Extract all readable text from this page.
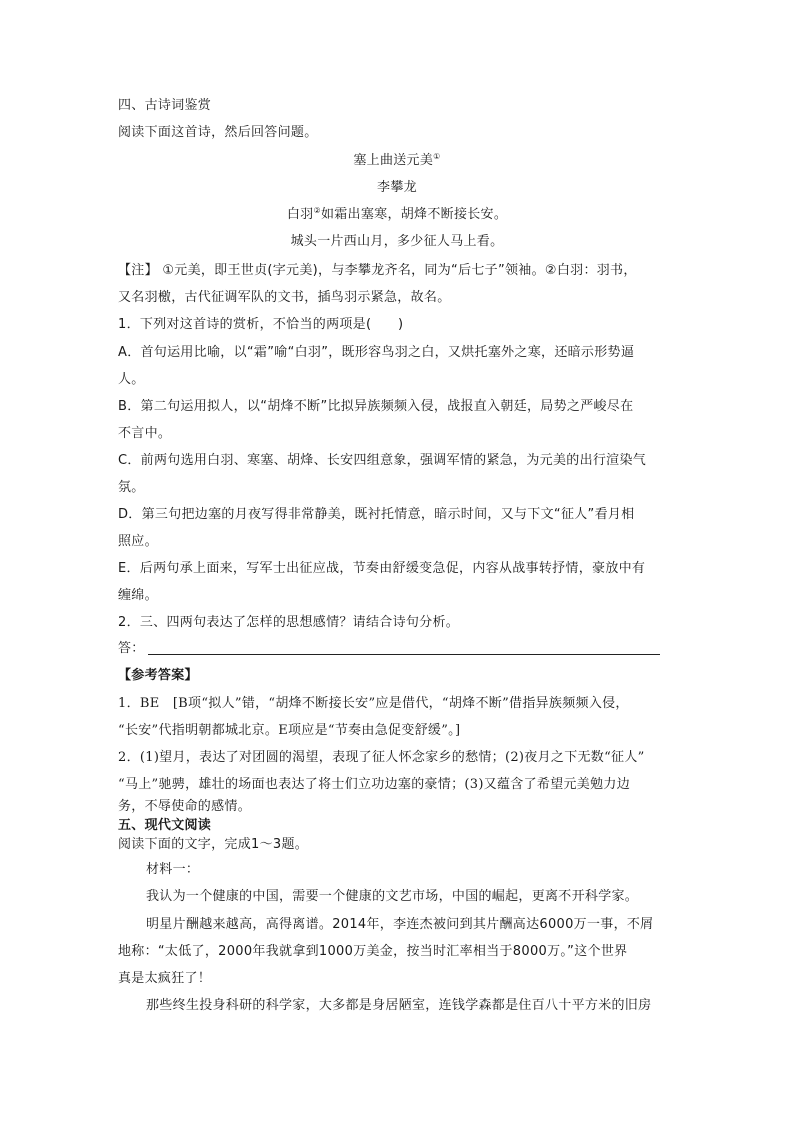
四、古诗词鉴赏
阅读下面这首诗，然后回答问题。
塞上曲送元美①
李攀龙
白羽②如霜出塞寒，胡烽不断接长安。
城头一片西山月，多少征人马上看。
【注】 ①元美，即王世贞(字元美)，与李攀龙齐名，同为“后七子”领袖。②白羽：羽书，
又名羽檄，古代征调军队的文书，插鸟羽示紧急，故名。
1．下列对这首诗的赏析，不恰当的两项是(　　)
A．首句运用比喻，以“霜”喻“白羽”，既形容鸟羽之白，又烘托塞外之寒，还暗示形势逼
人。
B．第二句运用拟人，以“胡烽不断”比拟异族频频入侵，战报直入朝廷，局势之严峻尽在
不言中。
C．前两句选用白羽、寒塞、胡烽、长安四组意象，强调军情的紧急，为元美的出行渲染气
氛。
D．第三句把边塞的月夜写得非常静美，既衬托情意，暗示时间，又与下文“征人”看月相
照应。
E．后两句承上面来，写军士出征应战，节奏由舒缓变急促，内容从战事转抒情，豪放中有
缠绵。
2．三、四两句表达了怎样的思想感情？请结合诗句分析。
答：
【参考答案】
1．BE　[B项“拟人”错，“胡烽不断接长安”应是借代，“胡烽不断”借指异族频频入侵，
“长安”代指明朝都城北京。E项应是“节奏由急促变舒缓”。]
2．(1)望月，表达了对团圆的渴望，表现了征人怀念家乡的愁情；(2)夜月之下无数“征人”
“马上”驰骋，雄壮的场面也表达了将士们立功边塞的豪情；(3)又蕴含了希望元美勉力边
务，不辱使命的感情。
五、现代文阅读
阅读下面的文字，完成1～3题。
材料一：
我认为一个健康的中国，需要一个健康的文艺市场，中国的崛起，更离不开科学家。
明星片酬越来越高，高得离谱。2014年，李连杰被问到其片酬高达6000万一事，不屑
地称：“太低了，2000年我就拿到1000万美金，按当时汇率相当于8000万。”这个世界
真是太疯狂了！
那些终生投身科研的科学家，大多都是身居陋室，连钱学森都是住百八十平方米的旧房
